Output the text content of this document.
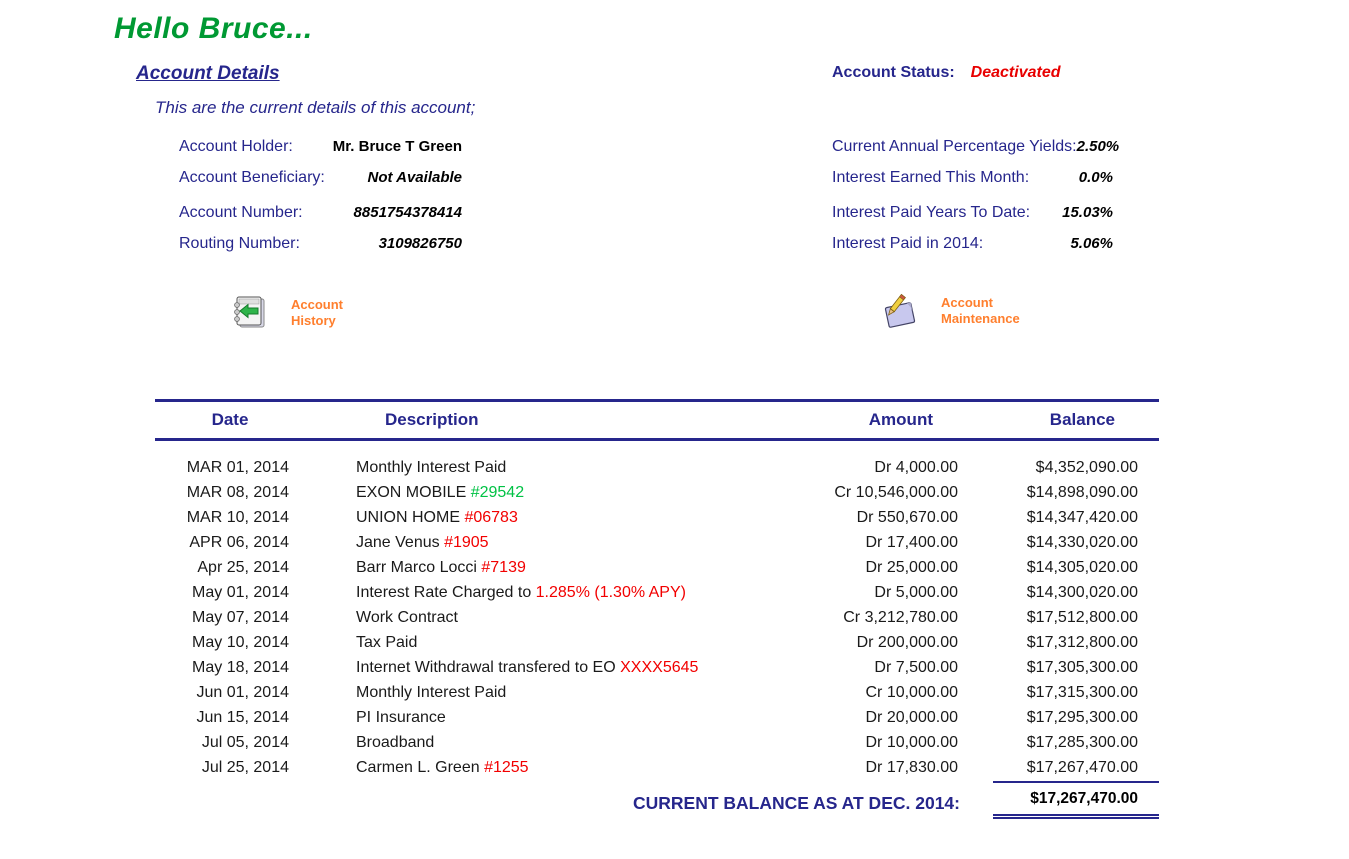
Hello Bruce...
Account Details
This are the current details of this account;
Account Status: Deactivated
Account Holder:	Mr. Bruce T Green
Account Beneficiary:	Not Available
Account Number:	8851754378414
Routing Number:	3109826750
Current Annual Percentage Yields: 2.50%
Interest Earned This Month:	0.0%
Interest Paid Years To Date: 15.03%
Interest Paid in 2014:	5.06%
Account
History
Account
Maintenance
Date	Description	Amount	Balance
MAR 01, 2014	Monthly Interest Paid	Dr 4,000.00	$4,352,090.00
MAR 08, 2014	EXON MOBILE #29542	Cr 10,546,000.00	$14,898,090.00
MAR 10, 2014	UNION HOME #06783	Dr 550,670.00	$14,347,420.00
APR 06, 2014	Jane Venus #1905	Dr 17,400.00	$14,330,020.00
Apr 25, 2014	Barr Marco Locci #7139	Dr 25,000.00	$14,305,020.00
May 01, 2014	Interest Rate Charged to 1.285% (1.30% APY)	Dr 5,000.00	$14,300,020.00
May 07, 2014	Work Contract	Cr 3,212,780.00	$17,512,800.00
May 10, 2014	Tax Paid	Dr 200,000.00	$17,312,800.00
May 18, 2014	Internet Withdrawal transfered to EO XXXX5645	Dr 7,500.00	$17,305,300.00
Jun 01, 2014	Monthly Interest Paid	Cr 10,000.00	$17,315,300.00
Jun 15, 2014	PI Insurance	Dr 20,000.00	$17,295,300.00
Jul 05, 2014	Broadband	Dr 10,000.00	$17,285,300.00
Jul 25, 2014	Carmen L. Green #1255	Dr 17,830.00	$17,267,470.00
CURRENT BALANCE AS AT DEC. 2014:	$17,267,470.00
